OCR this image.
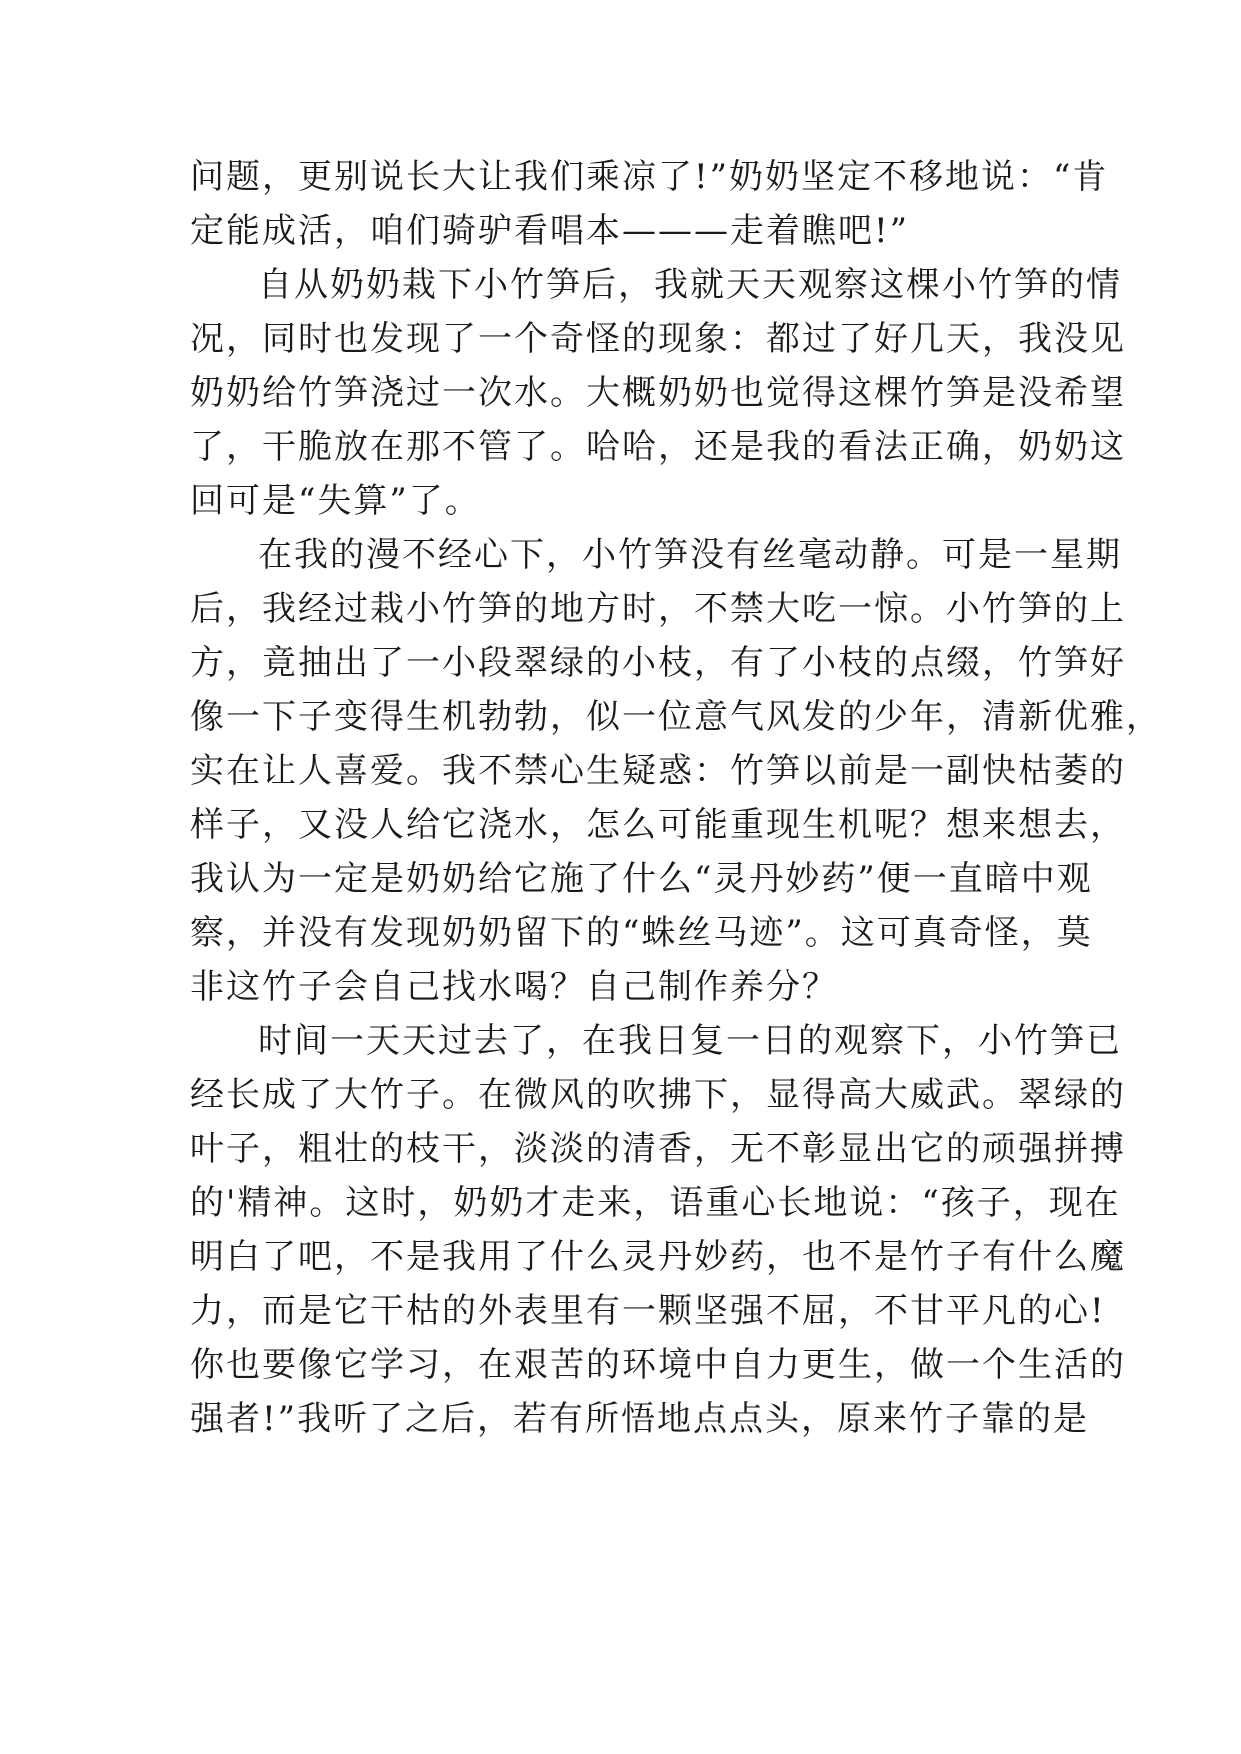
问题，更别说长大让我们乘凉了!”奶奶坚定不移地说：“肯
定能成活，咱们骑驴看唱本———走着瞧吧!”
自从奶奶栽下小竹笋后，我就天天观察这棵小竹笋的情
况，同时也发现了一个奇怪的现象：都过了好几天，我没见
奶奶给竹笋浇过一次水。大概奶奶也觉得这棵竹笋是没希望
了，干脆放在那不管了。哈哈，还是我的看法正确，奶奶这
回可是“失算”了。
在我的漫不经心下，小竹笋没有丝毫动静。可是一星期
后，我经过栽小竹笋的地方时，不禁大吃一惊。小竹笋的上
方，竟抽出了一小段翠绿的小枝，有了小枝的点缀，竹笋好
像一下子变得生机勃勃，似一位意气风发的少年，清新优雅，
实在让人喜爱。我不禁心生疑惑：竹笋以前是一副快枯萎的
样子，又没人给它浇水，怎么可能重现生机呢？想来想去，
我认为一定是奶奶给它施了什么“灵丹妙药”便一直暗中观
察，并没有发现奶奶留下的“蛛丝马迹”。这可真奇怪，莫
非这竹子会自己找水喝？自己制作养分？
时间一天天过去了，在我日复一日的观察下，小竹笋已
经长成了大竹子。在微风的吹拂下，显得高大威武。翠绿的
叶子，粗壮的枝干，淡淡的清香，无不彰显出它的顽强拼搏
的'精神。这时，奶奶才走来，语重心长地说：“孩子，现在
明白了吧，不是我用了什么灵丹妙药，也不是竹子有什么魔
力，而是它干枯的外表里有一颗坚强不屈，不甘平凡的心!
你也要像它学习，在艰苦的环境中自力更生，做一个生活的
强者!”我听了之后，若有所悟地点点头，原来竹子靠的是
